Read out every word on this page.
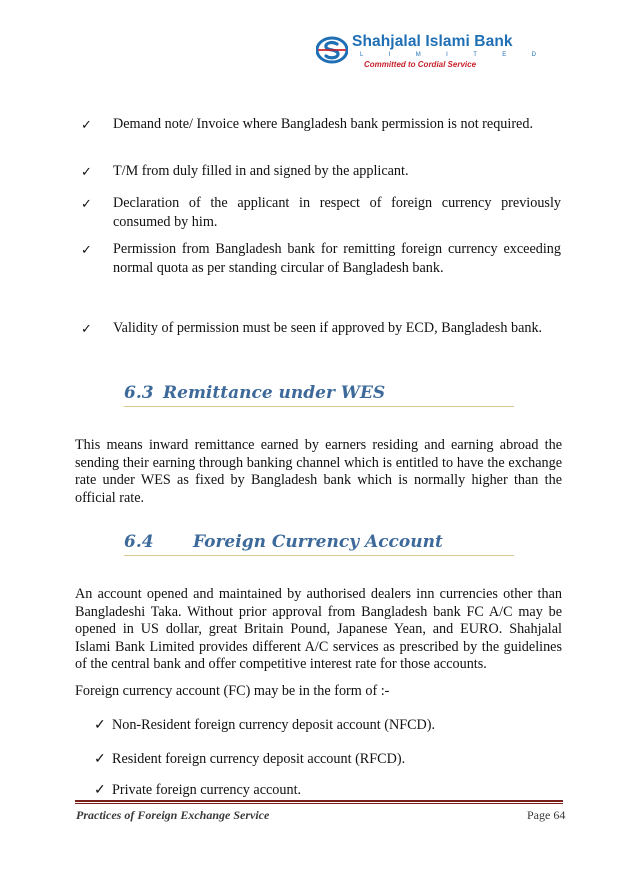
Shahjalal Islami Bank
L	I	M	I	T	E	D
Committed to Cordial Service
✓ Demand note/ Invoice where Bangladesh bank permission is not required.
✓ T/M from duly filled in and signed by the applicant.
✓ Declaration of the applicant in respect of foreign currency previously consumed by him.
✓ Permission from Bangladesh bank for remitting foreign currency exceeding normal quota as per standing circular of Bangladesh bank.
✓ Validity of permission must be seen if approved by ECD, Bangladesh bank.
6.3 Remittance under WES
This means inward remittance earned by earners residing and earning abroad the sending their earning through banking channel which is entitled to have the exchange rate under WES as fixed by Bangladesh bank which is normally higher than the official rate.
6.4 Foreign Currency Account
An account opened and maintained by authorised dealers inn currencies other than Bangladeshi Taka. Without prior approval from Bangladesh bank FC A/C may be opened in US dollar, great Britain Pound, Japanese Yean, and EURO. Shahjalal Islami Bank Limited provides different A/C services as prescribed by the guidelines of the central bank and offer competitive interest rate for those accounts.
Foreign currency account (FC) may be in the form of :-
✓ Non-Resident foreign currency deposit account (NFCD).
✓ Resident foreign currency deposit account (RFCD).
✓ Private foreign currency account.
Practices of Foreign Exchange Service	Page 64
